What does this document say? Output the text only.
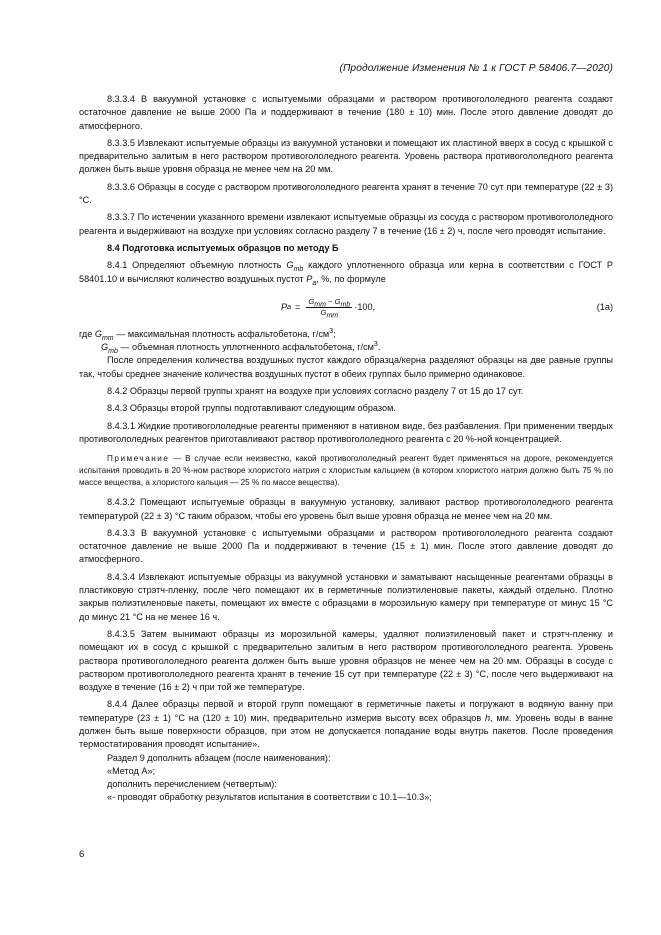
(Продолжение Изменения № 1 к ГОСТ Р 58406.7—2020)

8.3.3.4 В вакуумной установке с испытуемыми образцами и раствором противогололедного реагента создают остаточное давление не выше 2000 Па и поддерживают в течение (180 ± 10) мин. После этого давление доводят до атмосферного.

8.3.3.5 Извлекают испытуемые образцы из вакуумной установки и помещают их пластиной вверх в сосуд с крышкой с предварительно залитым в него раствором противогололедного реагента. Уровень раствора противогололедного реагента должен быть выше уровня образца не менее чем на 20 мм.

8.3.3.6 Образцы в сосуде с раствором противогололедного реагента хранят в течение 70 сут при температуре (22 ± 3) °С.

8.3.3.7 По истечении указанного времени извлекают испытуемые образцы из сосуда с раствором противогололедного реагента и выдерживают на воздухе при условиях согласно разделу 7 в течение (16 ± 2) ч, после чего проводят испытание.

8.4 Подготовка испытуемых образцов по методу Б

8.4.1 Определяют объемную плотность $G_{mb}$ каждого уплотненного образца или керна в соответствии с ГОСТ Р 58401.10 и вычисляют количество воздушных пустот $P_a$, %, по формуле

P $a = \frac{G_{mm} - G_{mb}}{G_{mm}} \cdot 100$,	(1а)

где $G_{mm}$ — максимальная плотность асфальтобетона, $г/см^3$;

$G_{mb}$ — объемная плотность уплотненного асфальтобетона, $г/см^3$.

После определения количества воздушных пустот каждого образца/керна разделяют образцы на две равные группы так, чтобы среднее значение количества воздушных пустот в обеих группах было примерно одинаковое.

8.4.2 Образцы первой группы хранят на воздухе при условиях согласно разделу 7 от 15 до 17 сут.

8.4.3 Образцы второй группы подготавливают следующим образом.

8.4.3.1 Жидкие противогололедные реагенты применяют в нативном виде, без разбавления. При применении твердых противогололедных реагентов приготавливают раствор противогололедного реагента с 20 %-ной концентрацией.

Примечание — В случае если неизвестно, какой противогололедный реагент будет применяться на дороге, рекомендуется испытания проводить в 20 %-ном растворе хлористого натрия с хлористым кальцием (в котором хлористого натрия должно быть 75 % по массе вещества, а хлористого кальция — 25 % по массе вещества).

8.4.3.2 Помещают испытуемые образцы в вакуумную установку, заливают раствор противогололедного реагента температурой (22 ± 3) °С таким образом, чтобы его уровень был выше уровня образца не менее чем на 20 мм.

8.4.3.3 В вакуумной установке с испытуемыми образцами и раствором противогололедного реагента создают остаточное давление не выше 2000 Па и поддерживают в течение (15 ± 1) мин. После этого давление доводят до атмосферного.

8.4.3.4 Извлекают испытуемые образцы из вакуумной установки и заматывают насыщенные реагентами образцы в пластиковую стрэтч-пленку, после чего помещают их в герметичные полиэтиленовые пакеты, каждый отдельно. Плотно закрыв полиэтиленовые пакеты, помещают их вместе с образцами в морозильную камеру при температуре от минус 15 °С до минус 21 °С на не менее 16 ч.

8.4.3.5 Затем вынимают образцы из морозильной камеры, удаляют полиэтиленовый пакет и стрэтч-пленку и помещают их в сосуд с крышкой с предварительно залитым в него раствором противогололедного реагента. Уровень раствора противогололедного реагента должен быть выше уровня образцов не менее чем на 20 мм. Образцы в сосуде с раствором противогололедного реагента хранят в течение 15 сут при температуре (22 ± 3) °С, после чего выдерживают на воздухе в течение (16 ± 2) ч при той же температуре.

8.4.4 Далее образцы первой и второй групп помещают в герметичные пакеты и погружают в водяную ванну при температуре (23 ± 1) °С на (120 ± 10) мин, предварительно измерив высоту всех образцов h, мм. Уровень воды в ванне должен быть выше поверхности образцов, при этом не допускается попадание воды внутрь пакетов. После проведения термостатирования проводят испытание».

Раздел 9 дополнить абзацем (после наименования):

«Метод А»;

дополнить перечислением (четвертым):

«- проводят обработку результатов испытания в соответствии с 10.1—10.3»;

6
